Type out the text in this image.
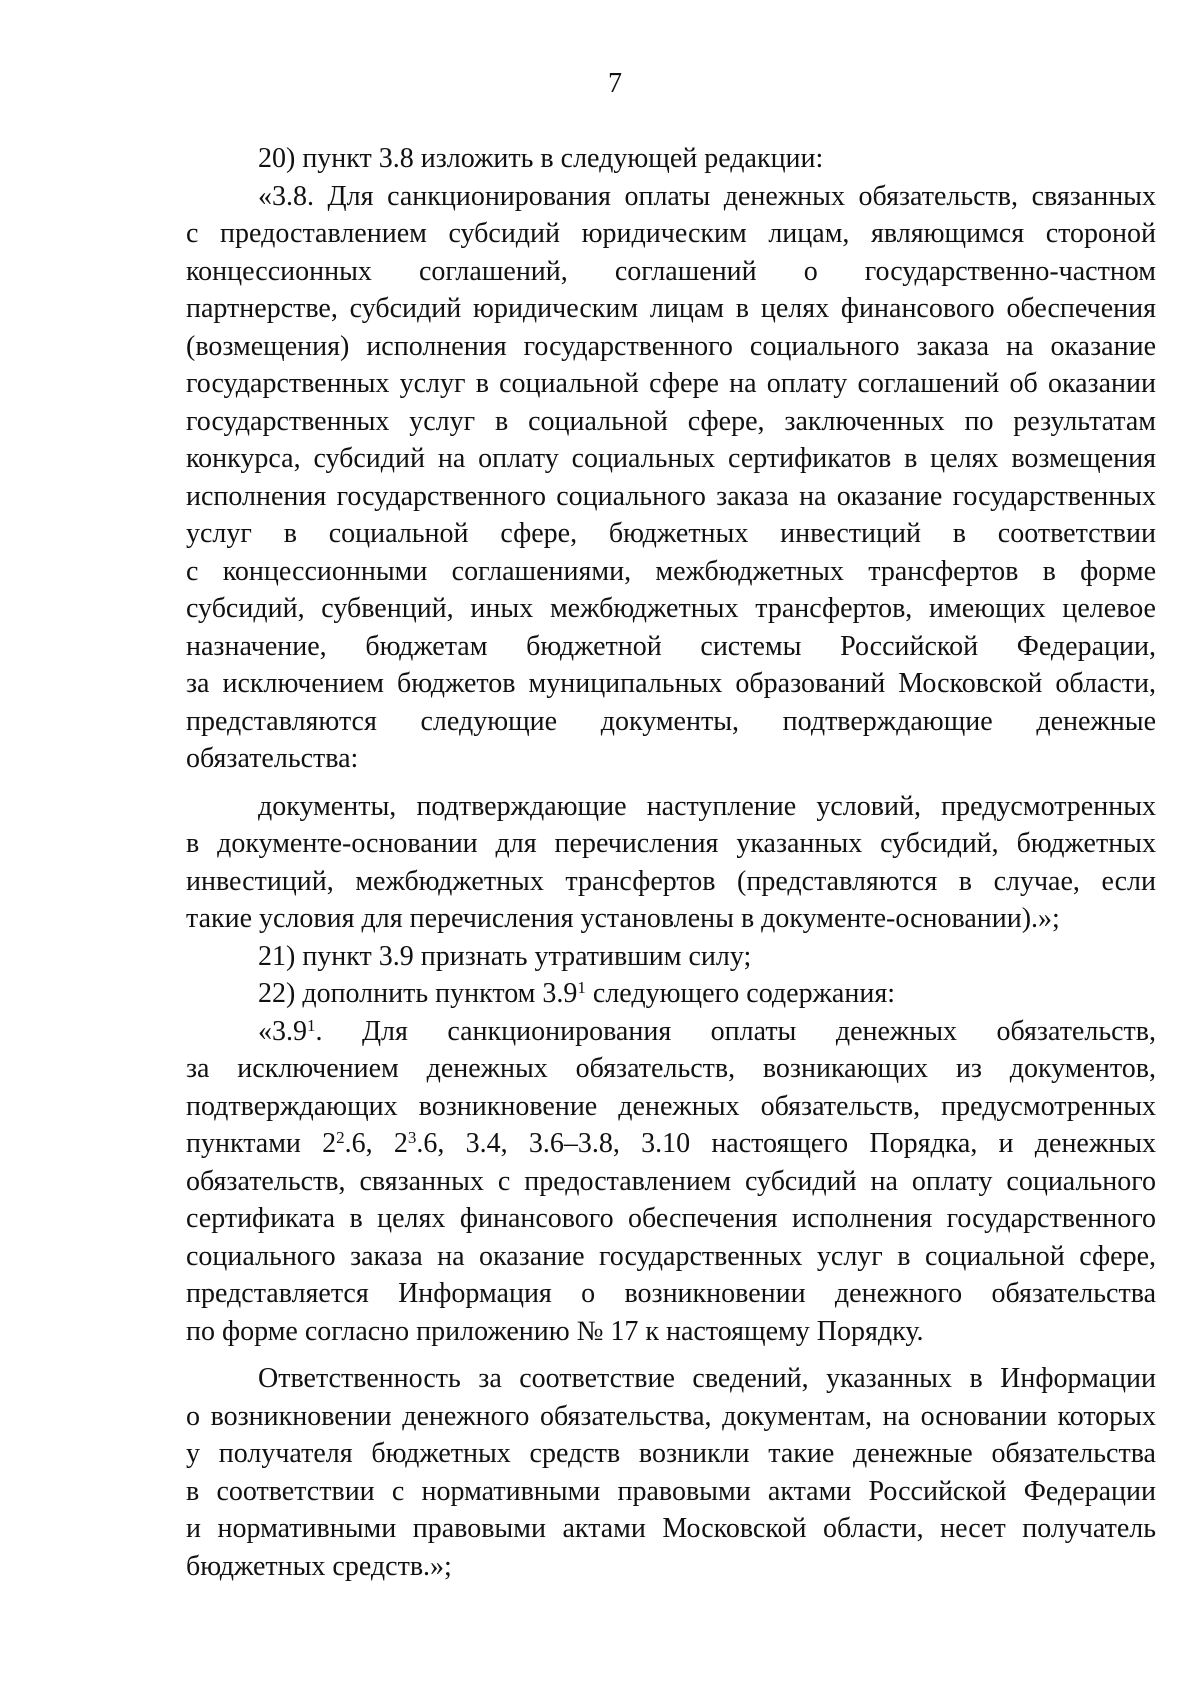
7
20) пункт 3.8 изложить в следующей редакции:
«3.8. Для санкционирования оплаты денежных обязательств, связанных
с предоставлением субсидий юридическим лицам, являющимся стороной
концессионных соглашений, соглашений о государственно-частном
партнерстве, субсидий юридическим лицам в целях финансового обеспечения
(возмещения) исполнения государственного социального заказа на оказание
государственных услуг в социальной сфере на оплату соглашений об оказании
государственных услуг в социальной сфере, заключенных по результатам
конкурса, субсидий на оплату социальных сертификатов в целях возмещения
исполнения государственного социального заказа на оказание государственных
услуг в социальной сфере, бюджетных инвестиций в соответствии
с концессионными соглашениями, межбюджетных трансфертов в форме
субсидий, субвенций, иных межбюджетных трансфертов, имеющих целевое
назначение, бюджетам бюджетной системы Российской Федерации,
за исключением бюджетов муниципальных образований Московской области,
представляются следующие документы, подтверждающие денежные
обязательства:
документы, подтверждающие наступление условий, предусмотренных
в документе-основании для перечисления указанных субсидий, бюджетных
инвестиций, межбюджетных трансфертов (представляются в случае, если
такие условия для перечисления установлены в документе-основании).»;
21) пункт 3.9 признать утратившим силу;
22) дополнить пунктом $3.9^1$ следующего содержания:
«$3.9^1$. Для санкционирования оплаты денежных обязательств,
за исключением денежных обязательств, возникающих из документов,
подтверждающих возникновение денежных обязательств, предусмотренных
пунктами $2^2.6$, $2^3.6$, 3.4, 3.6–3.8, 3.10 настоящего Порядка, и денежных
обязательств, связанных с предоставлением субсидий на оплату социального
сертификата в целях финансового обеспечения исполнения государственного
социального заказа на оказание государственных услуг в социальной сфере,
представляется Информация о возникновении денежного обязательства
по форме согласно приложению № 17 к настоящему Порядку.
Ответственность за соответствие сведений, указанных в Информации
о возникновении денежного обязательства, документам, на основании которых
у получателя бюджетных средств возникли такие денежные обязательства
в соответствии с нормативными правовыми актами Российской Федерации
и нормативными правовыми актами Московской области, несет получатель
бюджетных средств.»;
